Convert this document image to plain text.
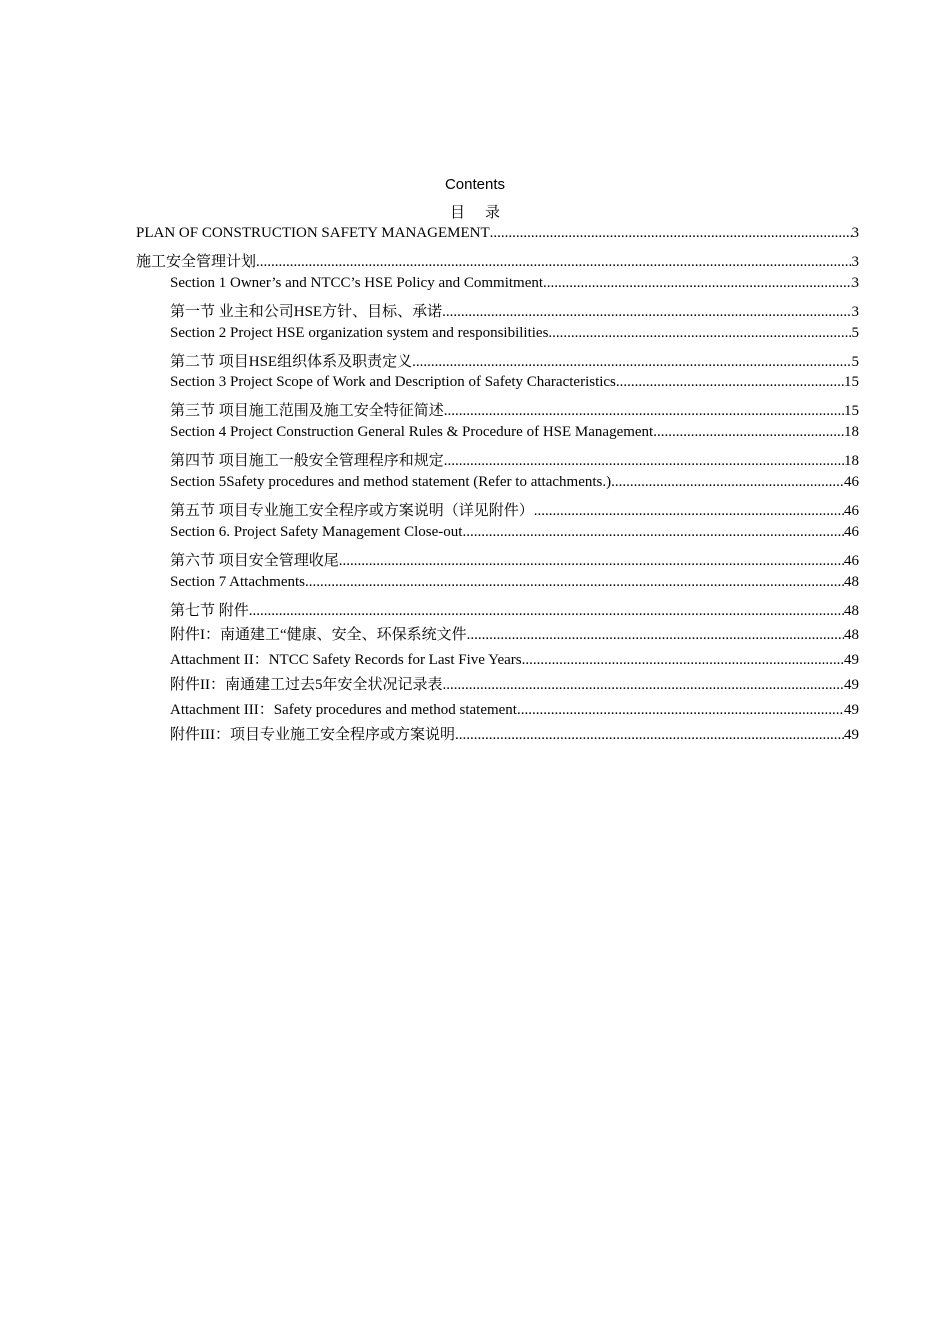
Contents
目录
PLAN OF CONSTRUCTION SAFETY MANAGEMENT .....	3
施工安全管理计划 .....	3
Section 1 Owner’s and NTCC’s HSE Policy and Commitment .....	3
第一节 业主和公司HSE方针、目标、承诺 .....	3
Section 2 Project HSE organization system and responsibilities .....	5
第二节 项目HSE组织体系及职责定义 .....	5
Section 3 Project Scope of Work and Description of Safety Characteristics .....	15
第三节 项目施工范围及施工安全特征简述 .....	15
Section 4 Project Construction General Rules & Procedure of HSE Management .....	18
第四节 项目施工一般安全管理程序和规定 .....	18
Section 5Safety procedures and method statement (Refer to attachments.) .....	46
第五节 项目专业施工安全程序或方案说明（详见附件） .....	46
Section 6. Project Safety Management Close-out .....	46
第六节 项目安全管理收尾 .....	46
Section 7 Attachments .....	48
第七节 附件 .....	48
附件I：南通建工“健康、安全、环保系统文件 .....	48
Attachment II：NTCC Safety Records for Last Five Years .....	49
附件II：南通建工过去5年安全状况记录表 .....	49
Attachment III：Safety procedures and method statement .....	49
附件III：项目专业施工安全程序或方案说明 .....	49
